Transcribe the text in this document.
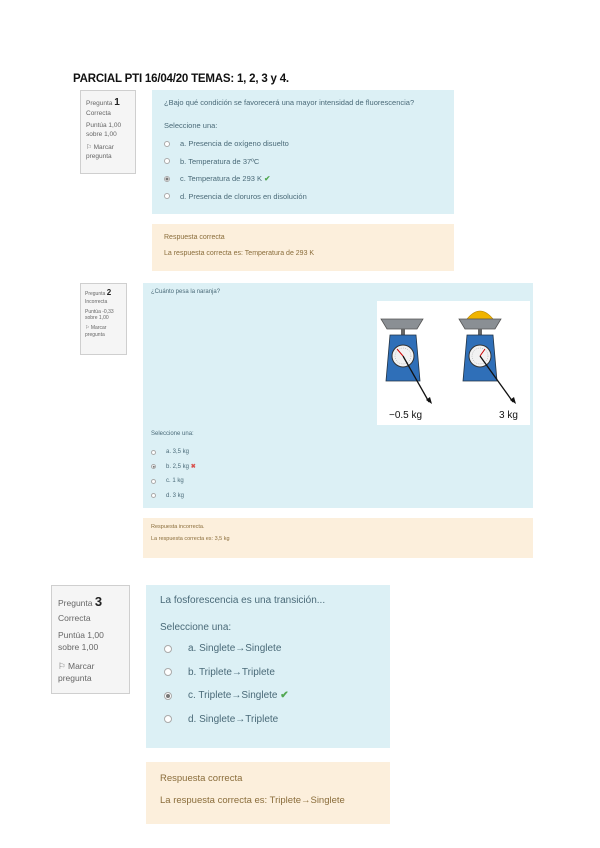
PARCIAL PTI 16/04/20 TEMAS: 1, 2, 3 y 4.
Pregunta 1
Correcta
Puntúa 1,00
sobre 1,00
⚐ Marcar pregunta
¿Bajo qué condición se favorecerá una mayor intensidad de fluorescencia?
Seleccione una:
a. Presencia de oxígeno disuelto
b. Temperatura de 37ºC
c. Temperatura de 293 K
✔
d. Presencia de cloruros en disolución
Respuesta correcta
La respuesta correcta es: Temperatura de 293 K
Pregunta 2
Incorrecta
Puntúa -0,33
sobre 1,00
⚐ Marcar pregunta
¿Cuánto pesa la naranja?
−0.5 kg	3 kg
Seleccione una:
a. 3,5 kg
b. 2,5 kg
✖
c. 1 kg
d. 3 kg
Respuesta incorrecta.
La respuesta correcta es: 3,5 kg
Pregunta 3
Correcta
Puntúa 1,00
sobre 1,00
⚐ Marcar pregunta
La fosforescencia es una transición...
Seleccione una:
a. Singlete→Singlete
b. Triplete→Triplete
c. Triplete→Singlete
✔
d. Singlete→Triplete
Respuesta correcta
La respuesta correcta es: Triplete→Singlete
